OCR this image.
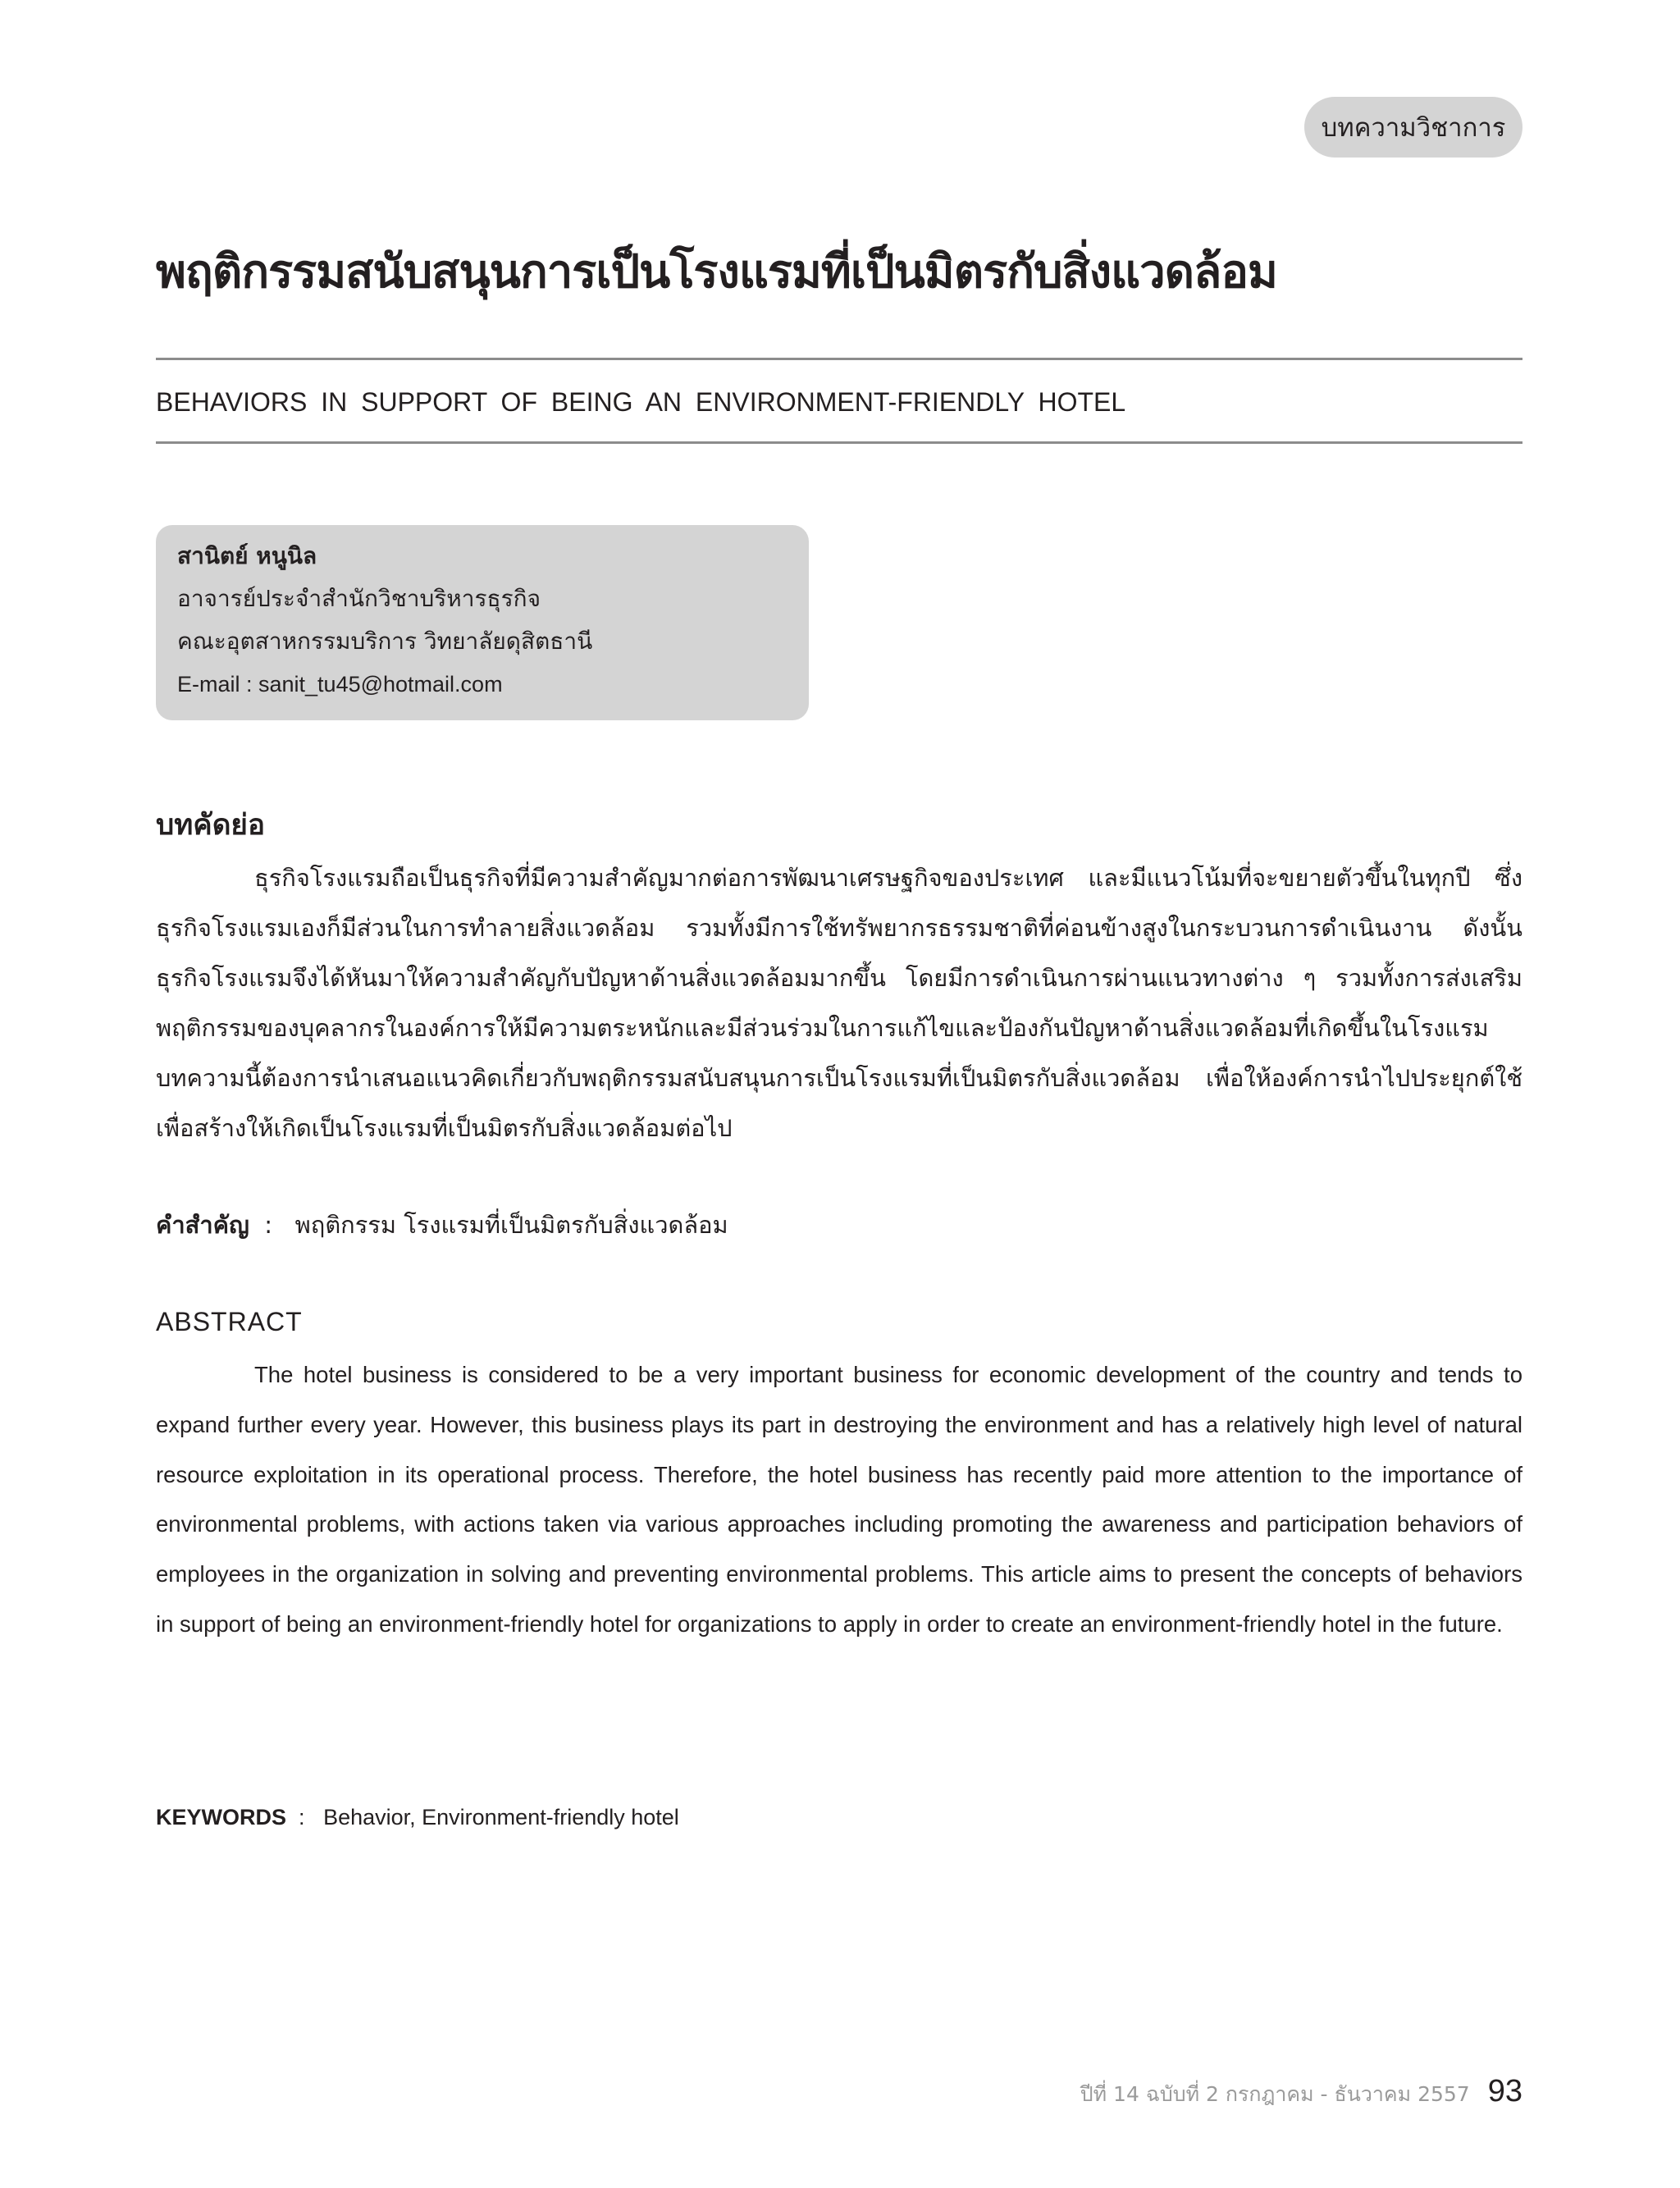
บทความวิชาการ
พฤติกรรมสนับสนุนการเป็นโรงแรมที่เป็นมิตรกับสิ่งแวดล้อม
BEHAVIORS IN SUPPORT OF BEING AN ENVIRONMENT-FRIENDLY HOTEL
สานิตย์ หนูนิล
อาจารย์ประจำสำนักวิชาบริหารธุรกิจ
คณะอุตสาหกรรมบริการ วิทยาลัยดุสิตธานี
E-mail : sanit_tu45@hotmail.com
บทคัดย่อ

ธุรกิจโรงแรมถือเป็นธุรกิจที่มีความสำคัญมากต่อการพัฒนาเศรษฐกิจของประเทศ และมีแนวโน้มที่จะขยายตัวขึ้นในทุกปี ซึ่งธุรกิจโรงแรมเองก็มีส่วนในการทำลายสิ่งแวดล้อม รวมทั้งมีการใช้ทรัพยากรธรรมชาติที่ค่อนข้างสูงในกระบวนการดำเนินงาน ดังนั้นธุรกิจโรงแรมจึงได้หันมาให้ความสำคัญกับปัญหาด้านสิ่งแวดล้อมมากขึ้น โดยมีการดำเนินการผ่านแนวทางต่าง ๆ รวมทั้งการส่งเสริมพฤติกรรมของบุคลากรในองค์การให้มีความตระหนักและมีส่วนร่วมในการแก้ไขและป้องกันปัญหาด้านสิ่งแวดล้อมที่เกิดขึ้นในโรงแรม บทความนี้ต้องการนำเสนอแนวคิดเกี่ยวกับพฤติกรรมสนับสนุนการเป็นโรงแรมที่เป็นมิตรกับสิ่งแวดล้อม เพื่อให้องค์การนำไปประยุกต์ใช้ เพื่อสร้างให้เกิดเป็นโรงแรมที่เป็นมิตรกับสิ่งแวดล้อมต่อไป

คำสำคัญ  :   พฤติกรรม โรงแรมที่เป็นมิตรกับสิ่งแวดล้อม
ABSTRACT

The hotel business is considered to be a very important business for economic development of the country and tends to expand further every year. However, this business plays its part in destroying the environment and has a relatively high level of natural resource exploitation in its operational process. Therefore, the hotel business has recently paid more attention to the importance of environmental problems, with actions taken via various approaches including promoting the awareness and participation behaviors of employees in the organization in solving and preventing environmental problems. This article aims to present the concepts of behaviors in support of being an environment-friendly hotel for organizations to apply in order to create an environment-friendly hotel in the future.

KEYWORDS  :   Behavior, Environment-friendly hotel
ปีที่ 14 ฉบับที่ 2 กรกฎาคม - ธันวาคม 2557 93
